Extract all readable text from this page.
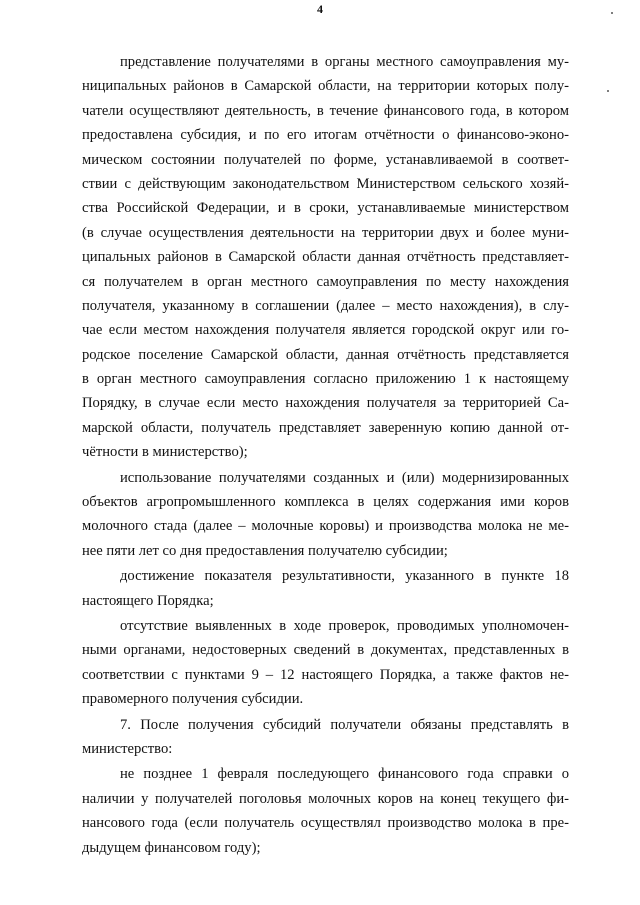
4
представление получателями в органы местного самоуправления му-
ниципальных районов в Самарской области, на территории которых полу-
чатели осуществляют деятельность, в течение финансового года, в котором
предоставлена субсидия, и по его итогам отчётности о финансово-эконо-
мическом состоянии получателей по форме, устанавливаемой в соответ-
ствии с действующим законодательством Министерством сельского хозяй-
ства Российской Федерации, и в сроки, устанавливаемые министерством
(в случае осуществления деятельности на территории двух и более муни-
ципальных районов в Самарской области данная отчётность представляет-
ся получателем в орган местного самоуправления по месту нахождения
получателя, указанному в соглашении (далее – место нахождения), в слу-
чае если местом нахождения получателя является городской округ или го-
родское поселение Самарской области, данная отчётность представляется
в орган местного самоуправления согласно приложению 1 к настоящему
Порядку, в случае если место нахождения получателя за территорией Са-
марской области, получатель представляет заверенную копию данной от-
чётности в министерство);
использование получателями созданных и (или) модернизированных
объектов агропромышленного комплекса в целях содержания ими коров
молочного стада (далее – молочные коровы) и производства молока не ме-
нее пяти лет со дня предоставления получателю субсидии;
достижение показателя результативности, указанного в пункте 18
настоящего Порядка;
отсутствие выявленных в ходе проверок, проводимых уполномочен-
ными органами, недостоверных сведений в документах, представленных в
соответствии с пунктами 9 – 12 настоящего Порядка, а также фактов не-
правомерного получения субсидии.
7. После получения субсидий получатели обязаны представлять в
министерство:
не позднее 1 февраля последующего финансового года справки о
наличии у получателей поголовья молочных коров на конец текущего фи-
нансового года (если получатель осуществлял производство молока в пре-
дыдущем финансовом году);
